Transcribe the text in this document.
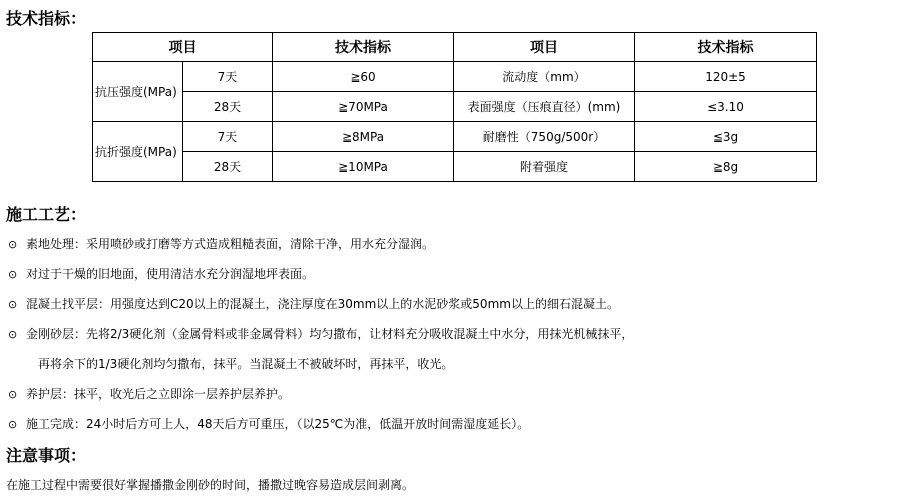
技术指标：
项目		技术指标	项目	技术指标
抗压强度(MPa)	7天	≧60	流动度（mm）	120±5
	28天	≧70MPa	表面强度（压痕直径）(mm)	≤3.10
抗折强度(MPa)	7天	≧8MPa	耐磨性（750g/500r）	≦3g
	28天	≧10MPa	附着强度	≧8g
施工工艺：
⊙ 素地处理：采用喷砂或打磨等方式造成粗糙表面，清除干净，用水充分湿润。
⊙ 对过于干燥的旧地面，使用清洁水充分润湿地坪表面。
⊙ 混凝土找平层：用强度达到C20以上的混凝土，浇注厚度在30mm以上的水泥砂浆或50mm以上的细石混凝土。
⊙ 金刚砂层：先将2/3硬化剂（金属骨料或非金属骨料）均匀撒布，让材料充分吸收混凝土中水分，用抹光机械抹平，
再将余下的1/3硬化剂均匀撒布，抹平。当混凝土不被破坏时，再抹平，收光。
⊙ 养护层：抹平，收光后之立即涂一层养护层养护。
⊙ 施工完成：24小时后方可上人，48天后方可重压，（以25℃为准，低温开放时间需湿度延长）。
注意事项：
在施工过程中需要很好掌握播撒金刚砂的时间，播撒过晚容易造成层间剥离。
